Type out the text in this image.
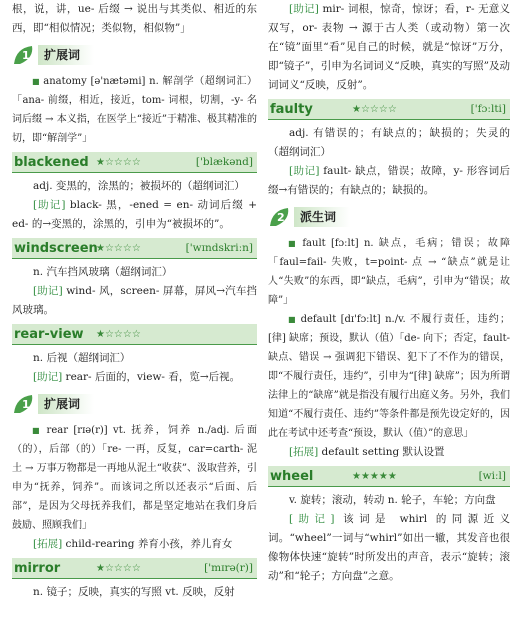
根，说，讲，ue- 后缀 → 说出与其类似、相近的东西，即“相似情况；类似物，相似物”」

1	扩展词

■ anatomy [ə'nætəmi] n. 解剖学（超纲词汇）「ana- 前缀，相近，接近，tom- 词根，切割，-y- 名词后缀 → 本义指，在医学上“接近”于精准、极其精准的切，即“解剖学”」

blackened ★☆☆☆☆	['blækənd]

adj. 变黑的，涂黑的；被损坏的（超纲词汇）

[助记] black- 黑，-ened = en- 动词后缀 + ed- 的→变黑的，涂黑的，引申为“被损坏的”。

windscreen
★☆☆☆☆	['wɪndskriːn]

n. 汽车挡风玻璃（超纲词汇）

[助记] wind- 风，screen- 屏幕，屏风→汽车挡风玻璃。

rear-view	★☆☆☆☆

n. 后视（超纲词汇）

[助记] rear- 后面的，view- 看，览→后视。

1	扩展词

■ rear [rɪə(r)] vt. 抚养，饲养 n./adj. 后面（的），后部（的）「re- 一再，反复，car=carth- 泥土 → 万事万物都是一再地从泥土“收获”、汲取营养，引申为“抚养，饲养”。而该词之所以还表示“后面、后部”，是因为父母抚养我们，都是坚定地站在我们身后鼓励、照顾我们」

[拓展] child-rearing 养育小孩，养儿育女

mirror	★☆☆☆☆	['mɪrə(r)]

n. 镜子；反映，真实的写照 vt. 反映，反射

[助记] mir- 词根，惊奇，惊讶；看，r- 无意义双写，or- 表物 → 源于古人类（或动物）第一次在“镜”面里“看”见自己的时候，就是“惊讶”万分，即“镜子”，引申为名词词义“反映，真实的写照”及动词词义“反映，反射”。

faulty	★☆☆☆☆	['fɔːlti]

adj. 有错误的；有缺点的；缺损的；失灵的（超纲词汇）

[助记] fault- 缺点，错误；故障，y- 形容词后缀→有错误的；有缺点的；缺损的。

2	派生词

■ fault [fɔːlt] n. 缺点，毛病；错误；故障「faul=fail- 失败，t=point- 点 → “缺点”就是让人“失败”的东西，即“缺点，毛病”，引申为“错误；故障”」

■ default [dɪ'fɔːlt] n./v. 不履行责任，违约；[律] 缺席；预设，默认（值）「de- 向下；否定，fault- 缺点、错误 → 强调犯下错误、犯下了不作为的错误，即“不履行责任，违约”，引申为“[律] 缺席”；因为所谓法律上的“缺席”就是指没有履行出庭义务。另外，我们知道“不履行责任、违约”等条件都是预先设定好的，因此在考试中还考查“预设，默认（值）”的意思」

[拓展] default setting 默认设置

wheel	★★★★★	[wiːl]

v. 旋转；滚动，转动 n. 轮子，车轮；方向盘

[助记] 该词是 whirl 的同源近义词。“wheel”一词与“whirl”如出一辙，其发音也很像物体快速“旋转”时所发出的声音，表示“旋转；滚动”和“轮子；方向盘”之意。
